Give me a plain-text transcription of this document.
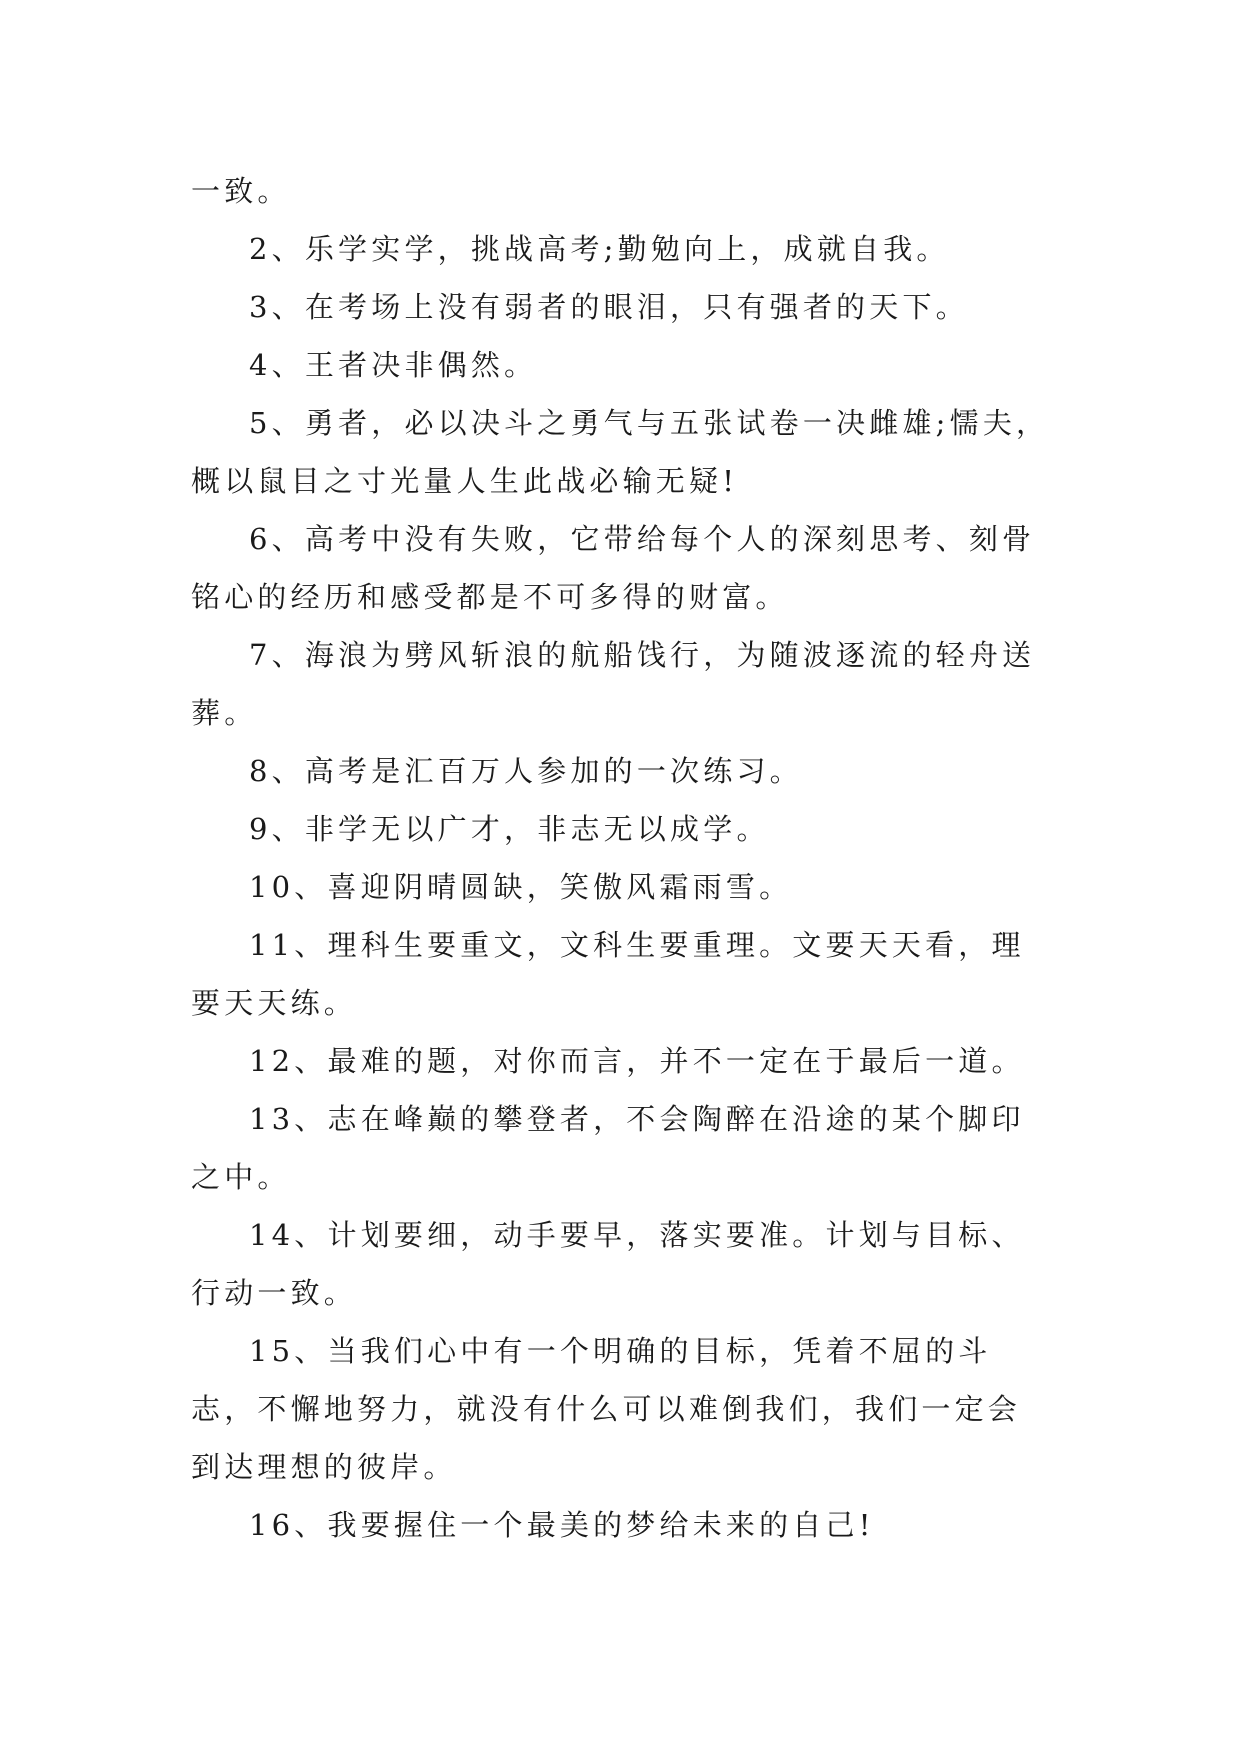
一致。

2、乐学实学，挑战高考;勤勉向上，成就自我。

3、在考场上没有弱者的眼泪，只有强者的天下。

4、王者决非偶然。

5、勇者，必以决斗之勇气与五张试卷一决雌雄;懦夫，概以鼠目之寸光量人生此战必输无疑!

6、高考中没有失败，它带给每个人的深刻思考、刻骨铭心的经历和感受都是不可多得的财富。

7、海浪为劈风斩浪的航船饯行，为随波逐流的轻舟送葬。

8、高考是汇百万人参加的一次练习。

9、非学无以广才，非志无以成学。

10、喜迎阴晴圆缺，笑傲风霜雨雪。

11、理科生要重文，文科生要重理。文要天天看，理要天天练。

12、最难的题，对你而言，并不一定在于最后一道。

13、志在峰巅的攀登者，不会陶醉在沿途的某个脚印之中。

14、计划要细，动手要早，落实要准。计划与目标、行动一致。

15、当我们心中有一个明确的目标，凭着不屈的斗志，不懈地努力，就没有什么可以难倒我们，我们一定会到达理想的彼岸。

16、我要握住一个最美的梦给未来的自己!
